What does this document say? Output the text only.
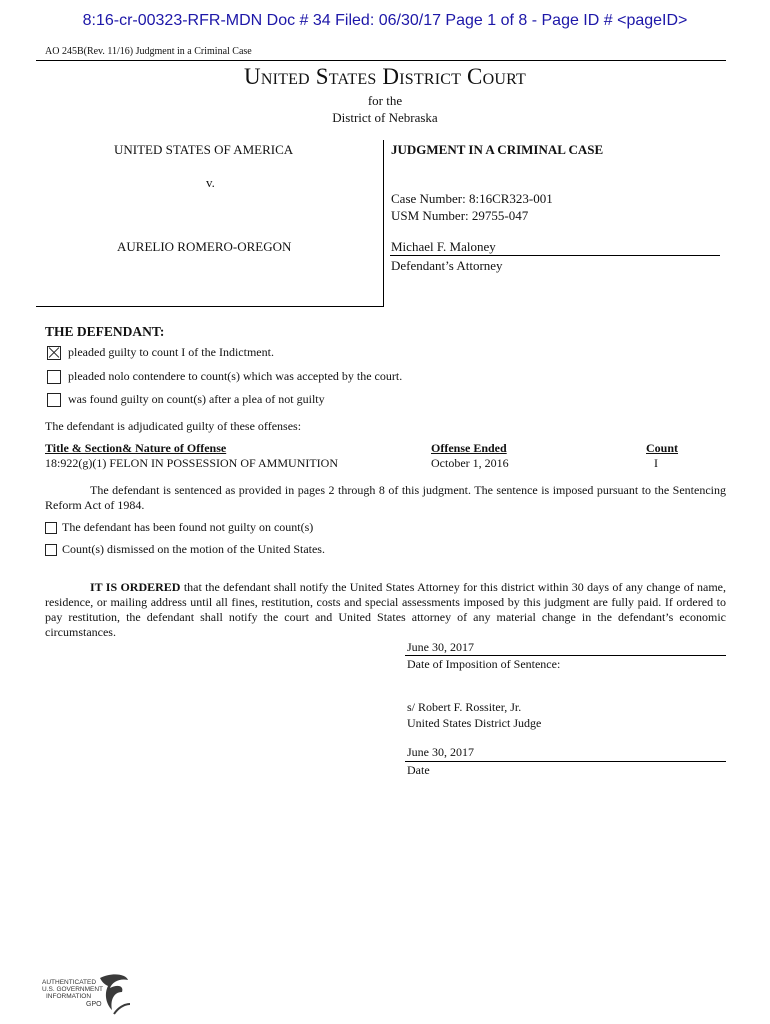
8:16-cr-00323-RFR-MDN Doc # 34 Filed: 06/30/17 Page 1 of 8 - Page ID # <pageID>
AO 245B(Rev. 11/16) Judgment in a Criminal Case
United States District Court
for the
District of Nebraska
UNITED STATES OF AMERICA
v.
AURELIO ROMERO-OREGON
JUDGMENT IN A CRIMINAL CASE
Case Number: 8:16CR323-001
USM Number: 29755-047
Michael F. Maloney
Defendant’s Attorney
THE DEFENDANT:
pleaded guilty to count I of the Indictment.
pleaded nolo contendere to count(s) which was accepted by the court.
was found guilty on count(s) after a plea of not guilty
The defendant is adjudicated guilty of these offenses:
Title & Section& Nature of Offense	Offense Ended	Count
18:922(g)(1) FELON IN POSSESSION OF AMMUNITION	October 1, 2016	I
The defendant is sentenced as provided in pages 2 through 8 of this judgment. The sentence is imposed pursuant to the Sentencing Reform Act of 1984.
The defendant has been found not guilty on count(s)
Count(s) dismissed on the motion of the United States.
IT IS ORDERED that the defendant shall notify the United States Attorney for this district within 30 days of any change of name, residence, or mailing address until all fines, restitution, costs and special assessments imposed by this judgment are fully paid. If ordered to pay restitution, the defendant shall notify the court and United States attorney of any material change in the defendant’s economic circumstances.
June 30, 2017
Date of Imposition of Sentence:
s/ Robert F. Rossiter, Jr.
United States District Judge
June 30, 2017
Date
AUTHENTICATED
U.S. GOVERNMENT
INFORMATION
GPO
